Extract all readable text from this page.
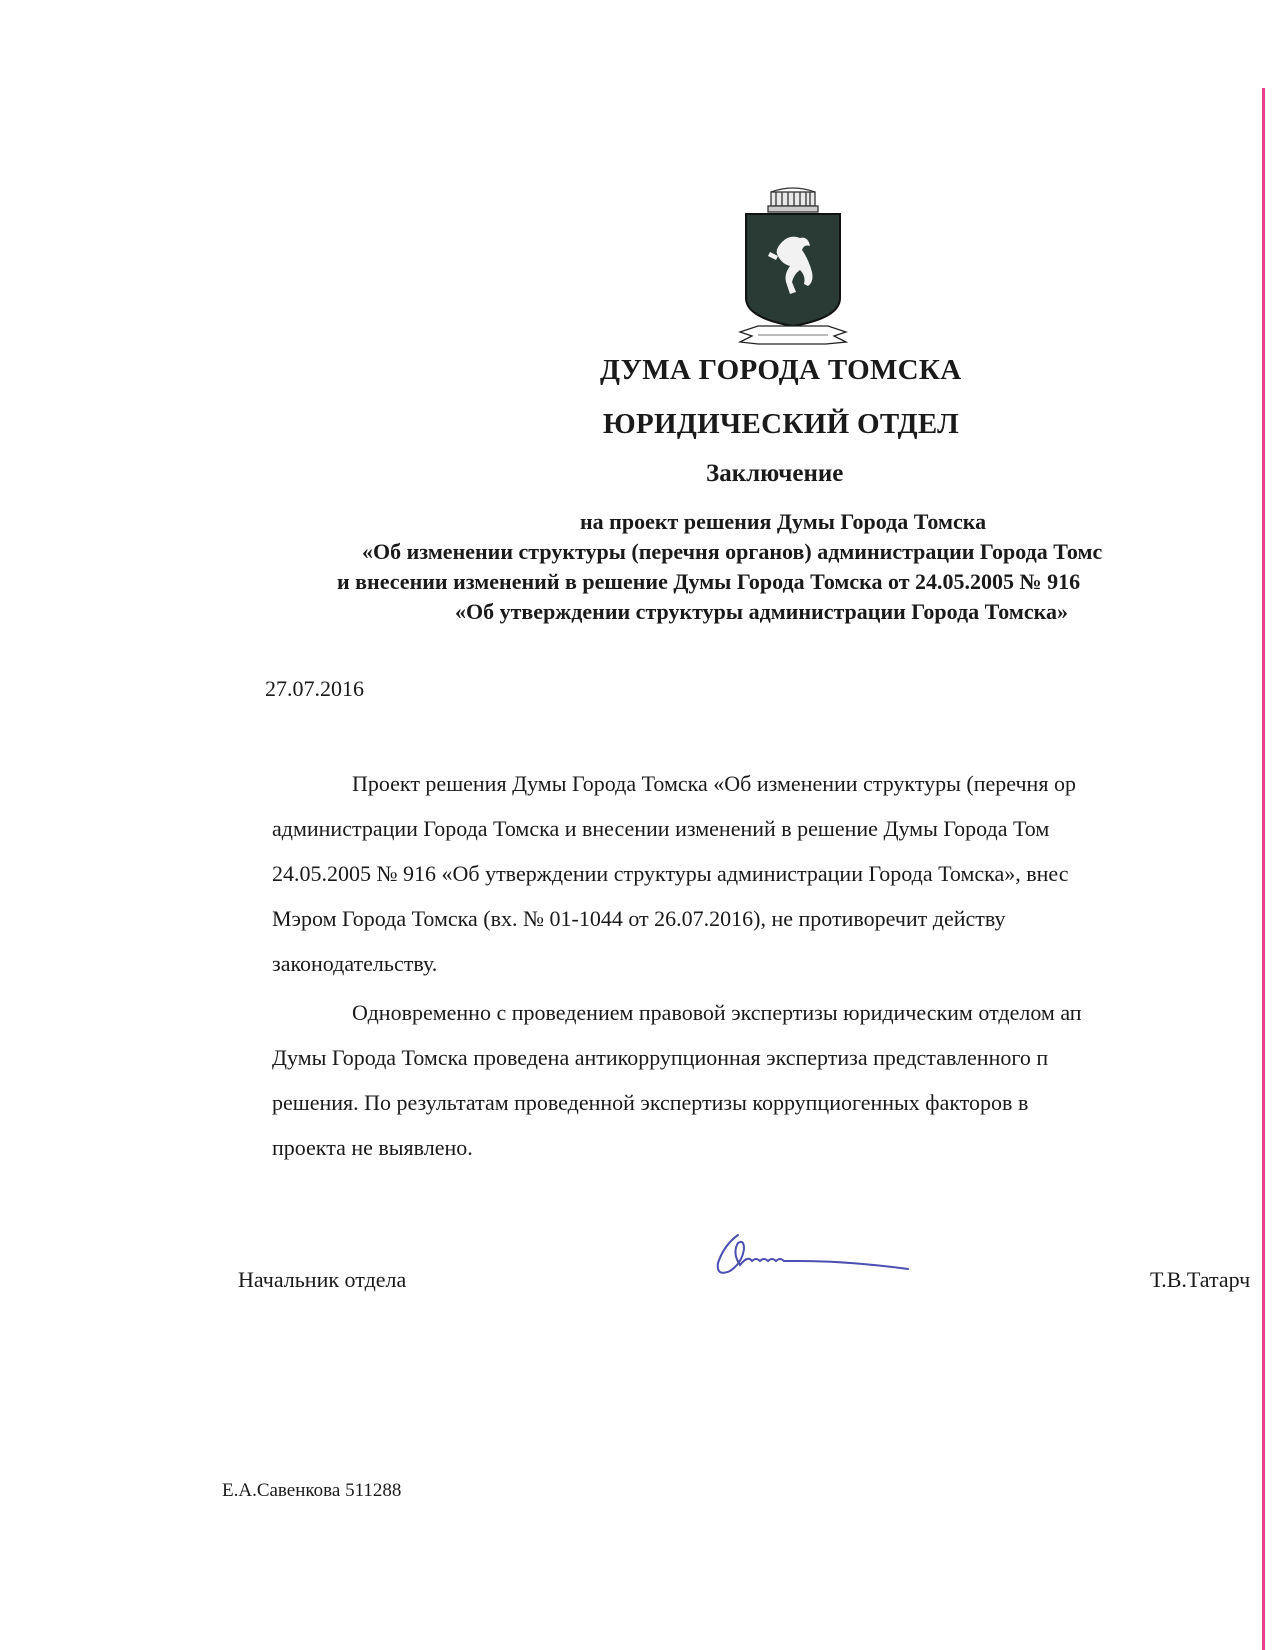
ДУМА ГОРОДА ТОМСКА
ЮРИДИЧЕСКИЙ ОТДЕЛ
Заключение
на проект решения Думы Города Томска
«Об изменении структуры (перечня органов) администрации Города Томс
и внесении изменений в решение Думы Города Томска от 24.05.2005 № 916
«Об утверждении структуры администрации Города Томска»
27.07.2016
Проект решения Думы Города Томска «Об изменении структуры (перечня ор
администрации Города Томска и внесении изменений в решение Думы Города Том
24.05.2005 № 916 «Об утверждении структуры администрации Города Томска», внес
Мэром Города Томска (вх. № 01-1044 от 26.07.2016), не противоречит действу
законодательству.
Одновременно с проведением правовой экспертизы юридическим отделом ап
Думы Города Томска проведена антикоррупционная экспертиза представленного п
решения. По результатам проведенной экспертизы коррупциогенных факторов в
проекта не выявлено.
Начальник отдела	Т.В.Татарч
Е.А.Савенкова 511288
